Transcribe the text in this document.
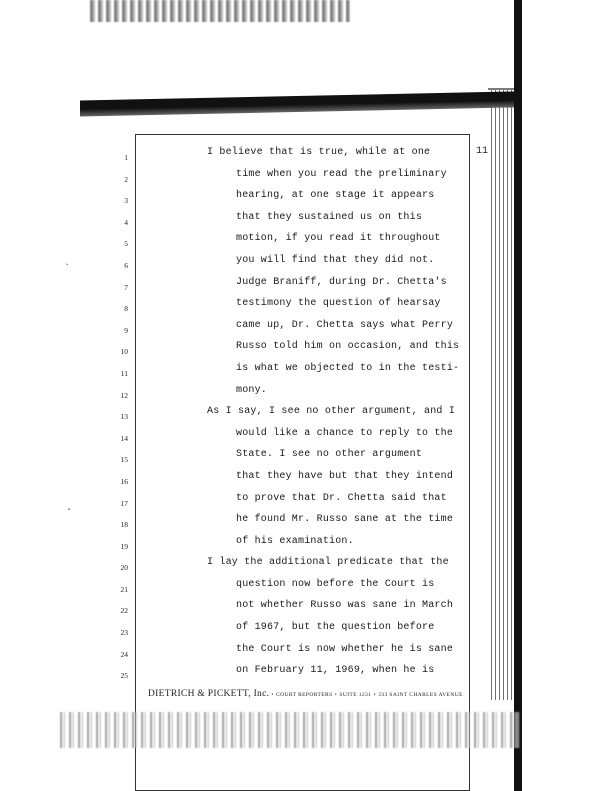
`
·
1
2
3
4
5
6
7
8
9
10
11
12
13
14
15
16
17
18
19
20
21
22
23
24
25
11
I believe that is true, while at one
time when you read the preliminary
hearing, at one stage it appears
that they sustained us on this
motion, if you read it throughout
you will find that they did not.
Judge Braniff, during Dr. Chetta's
testimony the question of hearsay
came up, Dr. Chetta says what Perry
Russo told him on occasion, and this
is what we objected to in the testi-
mony.
As I say, I see no other argument, and I
would like a chance to reply to the
State. I see no other argument
that they have but that they intend
to prove that Dr. Chetta said that
he found Mr. Russo sane at the time
of his examination.
I lay the additional predicate that the
question now before the Court is
not whether Russo was sane in March
of 1967, but the question before
the Court is now whether he is sane
on February 11, 1969, when he is
DIETRICH & PICKETT, Inc. • COURT REPORTERS • SUITE 1231 • 333 SAINT CHARLES AVENUE
